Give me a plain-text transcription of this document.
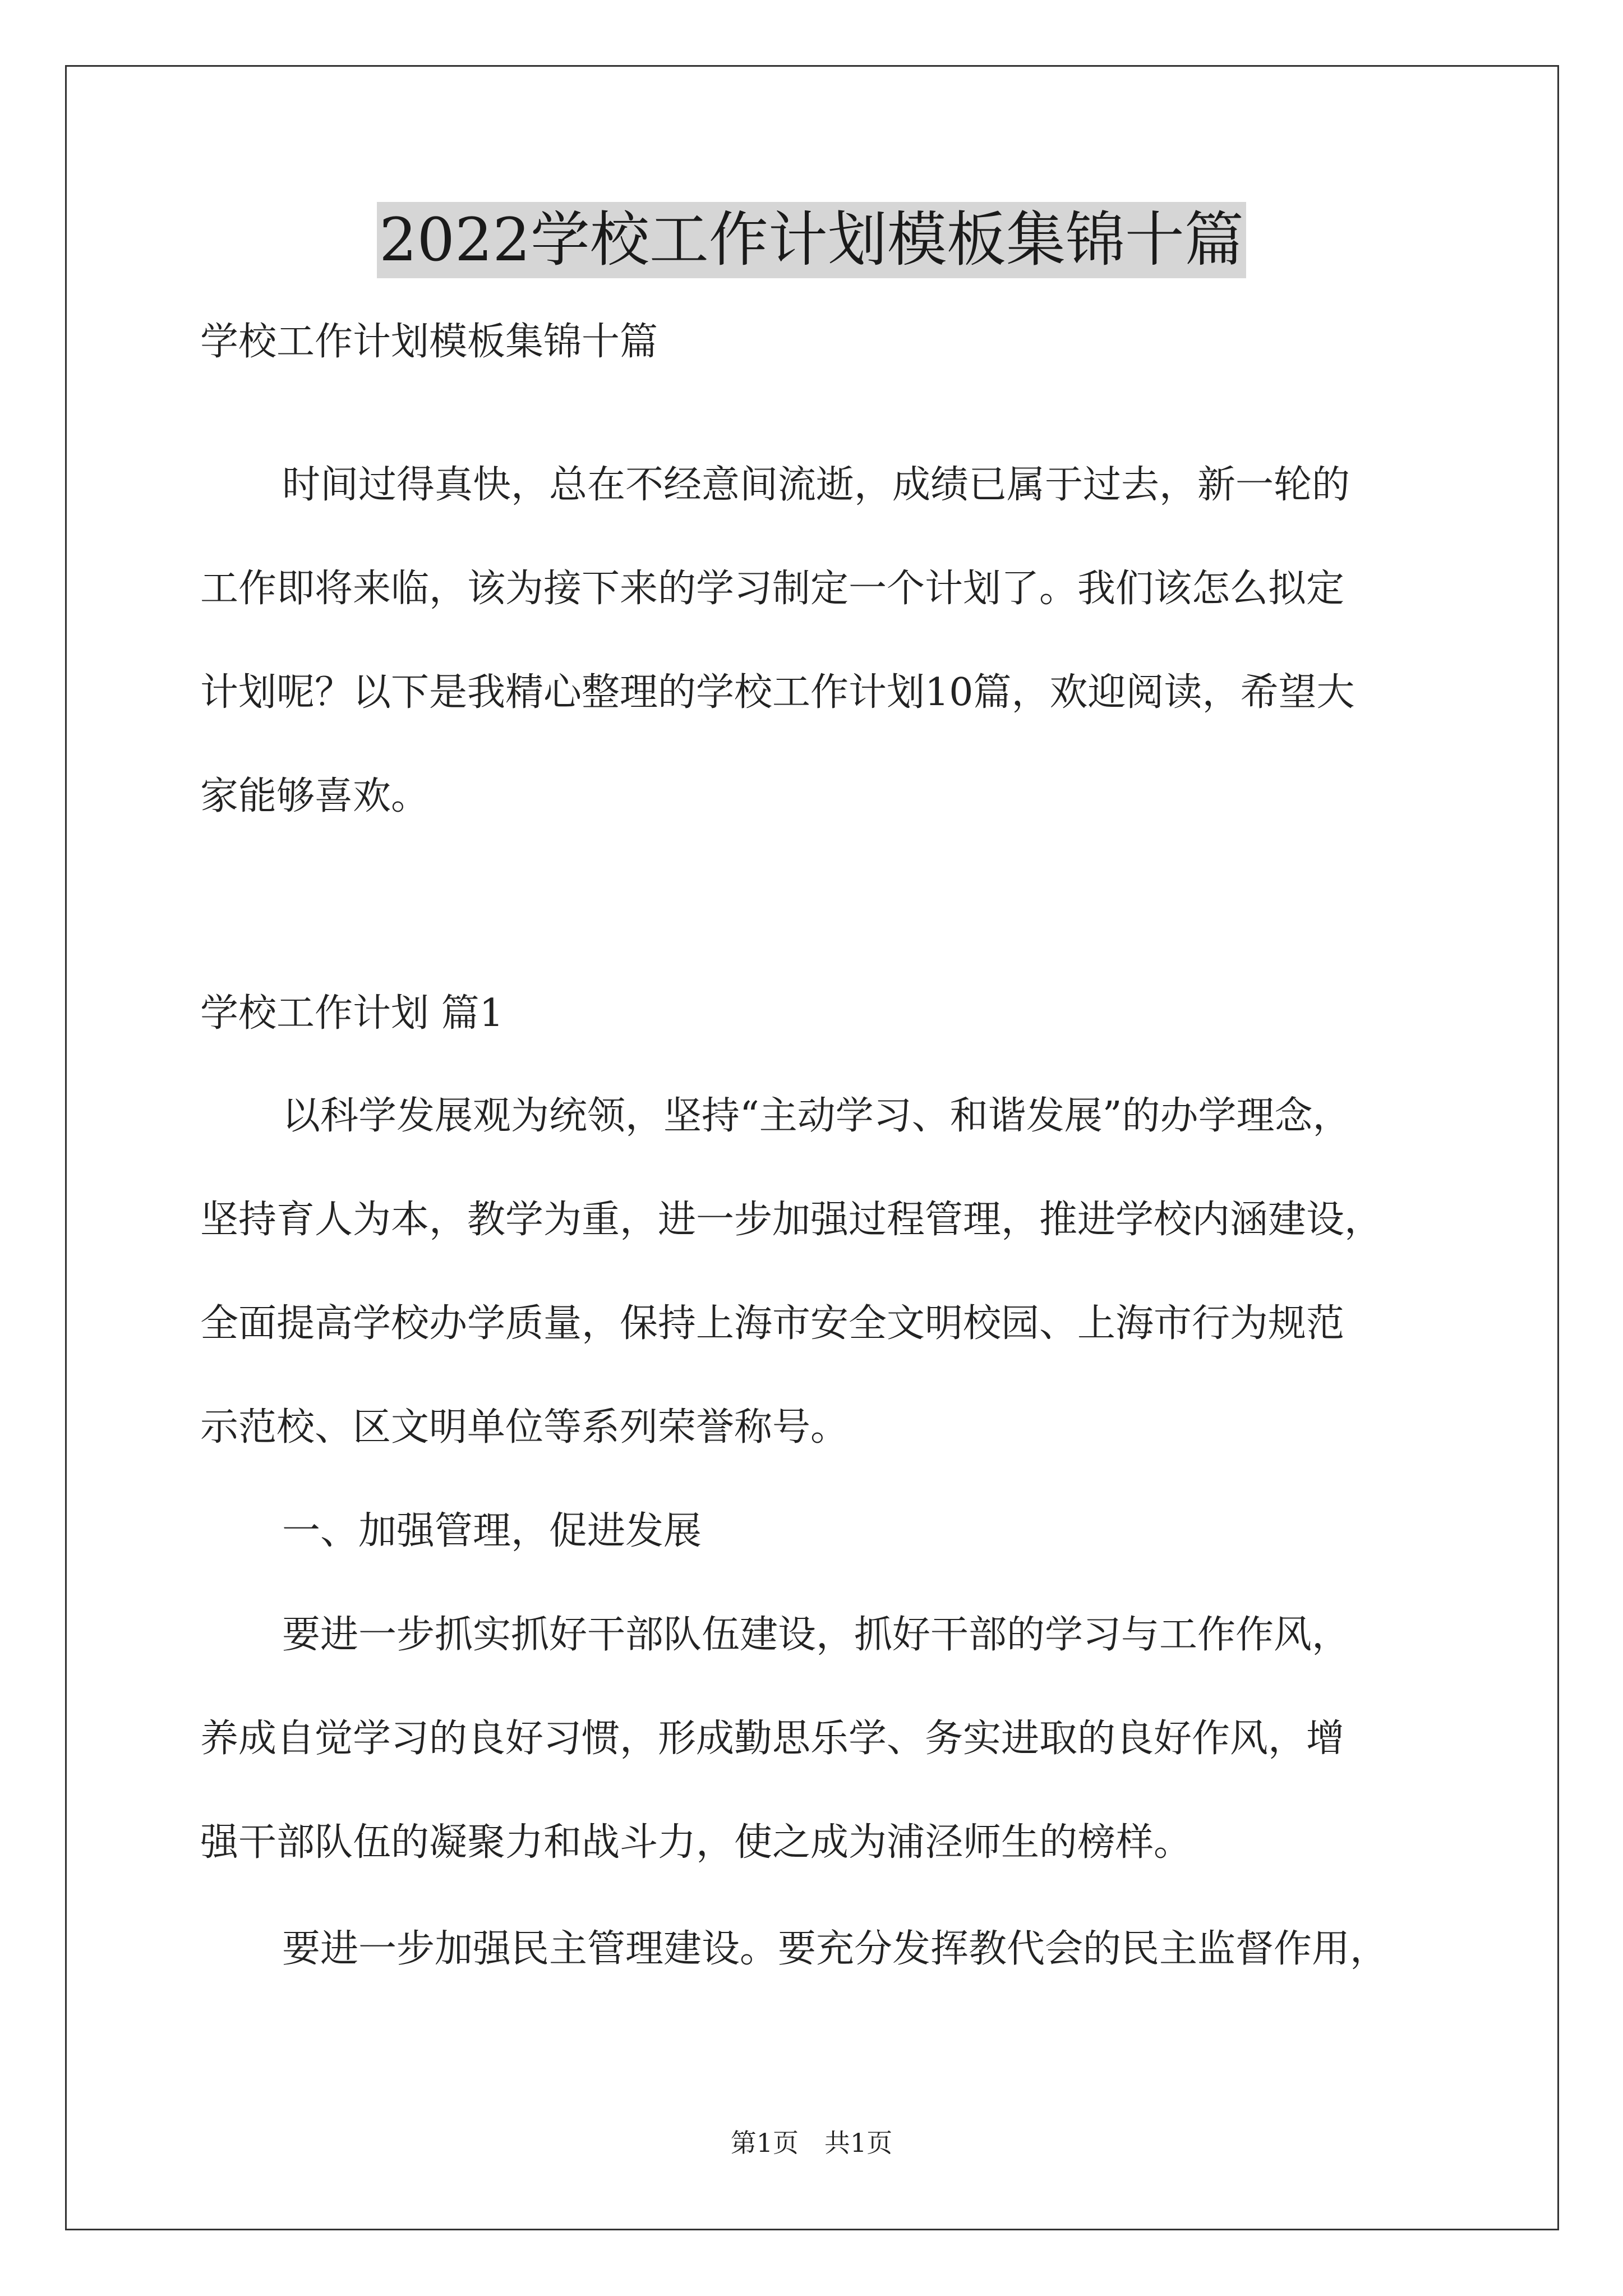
2022学校工作计划模板集锦十篇
学校工作计划模板集锦十篇
时间过得真快，总在不经意间流逝，成绩已属于过去，新一轮的
工作即将来临，该为接下来的学习制定一个计划了。我们该怎么拟定
计划呢？以下是我精心整理的学校工作计划10篇，欢迎阅读，希望大
家能够喜欢。
学校工作计划 篇1
以科学发展观为统领，坚持“主动学习、和谐发展”的办学理念，
坚持育人为本，教学为重，进一步加强过程管理，推进学校内涵建设，
全面提高学校办学质量，保持上海市安全文明校园、上海市行为规范
示范校、区文明单位等系列荣誉称号。
一、加强管理，促进发展
要进一步抓实抓好干部队伍建设，抓好干部的学习与工作作风，
养成自觉学习的良好习惯，形成勤思乐学、务实进取的良好作风，增
强干部队伍的凝聚力和战斗力，使之成为浦泾师生的榜样。
要进一步加强民主管理建设。要充分发挥教代会的民主监督作用，
第1页　共1页
